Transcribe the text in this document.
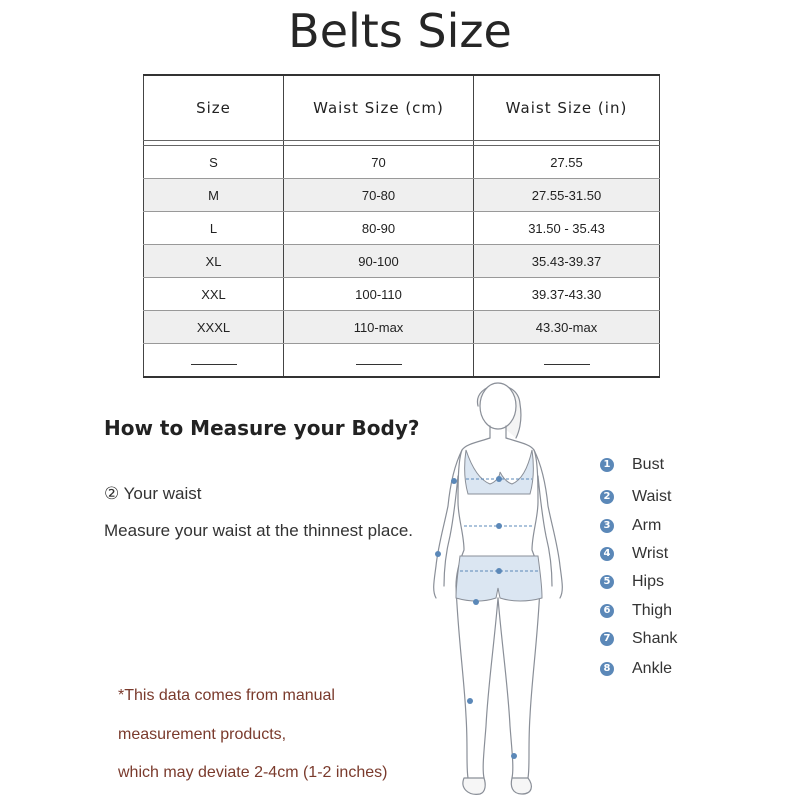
Belts Size
Size	Waist Size (cm)	Waist Size (in)

S	70	27.55
M	70-80	27.55-31.50
L	80-90	31.50 - 35.43
XL	90-100	35.43-39.37
XXL	100-110	39.37-43.30
XXXL	110-max	43.30-max

How to Measure your Body?
② Your waist
Measure your waist at the thinnest place.
*This data comes from manual
measurement products,
which may deviate 2-4cm (1-2 inches)
1 Bust
2 Waist
3 Arm
4 Wrist
5 Hips
6 Thigh
7 Shank
8 Ankle
